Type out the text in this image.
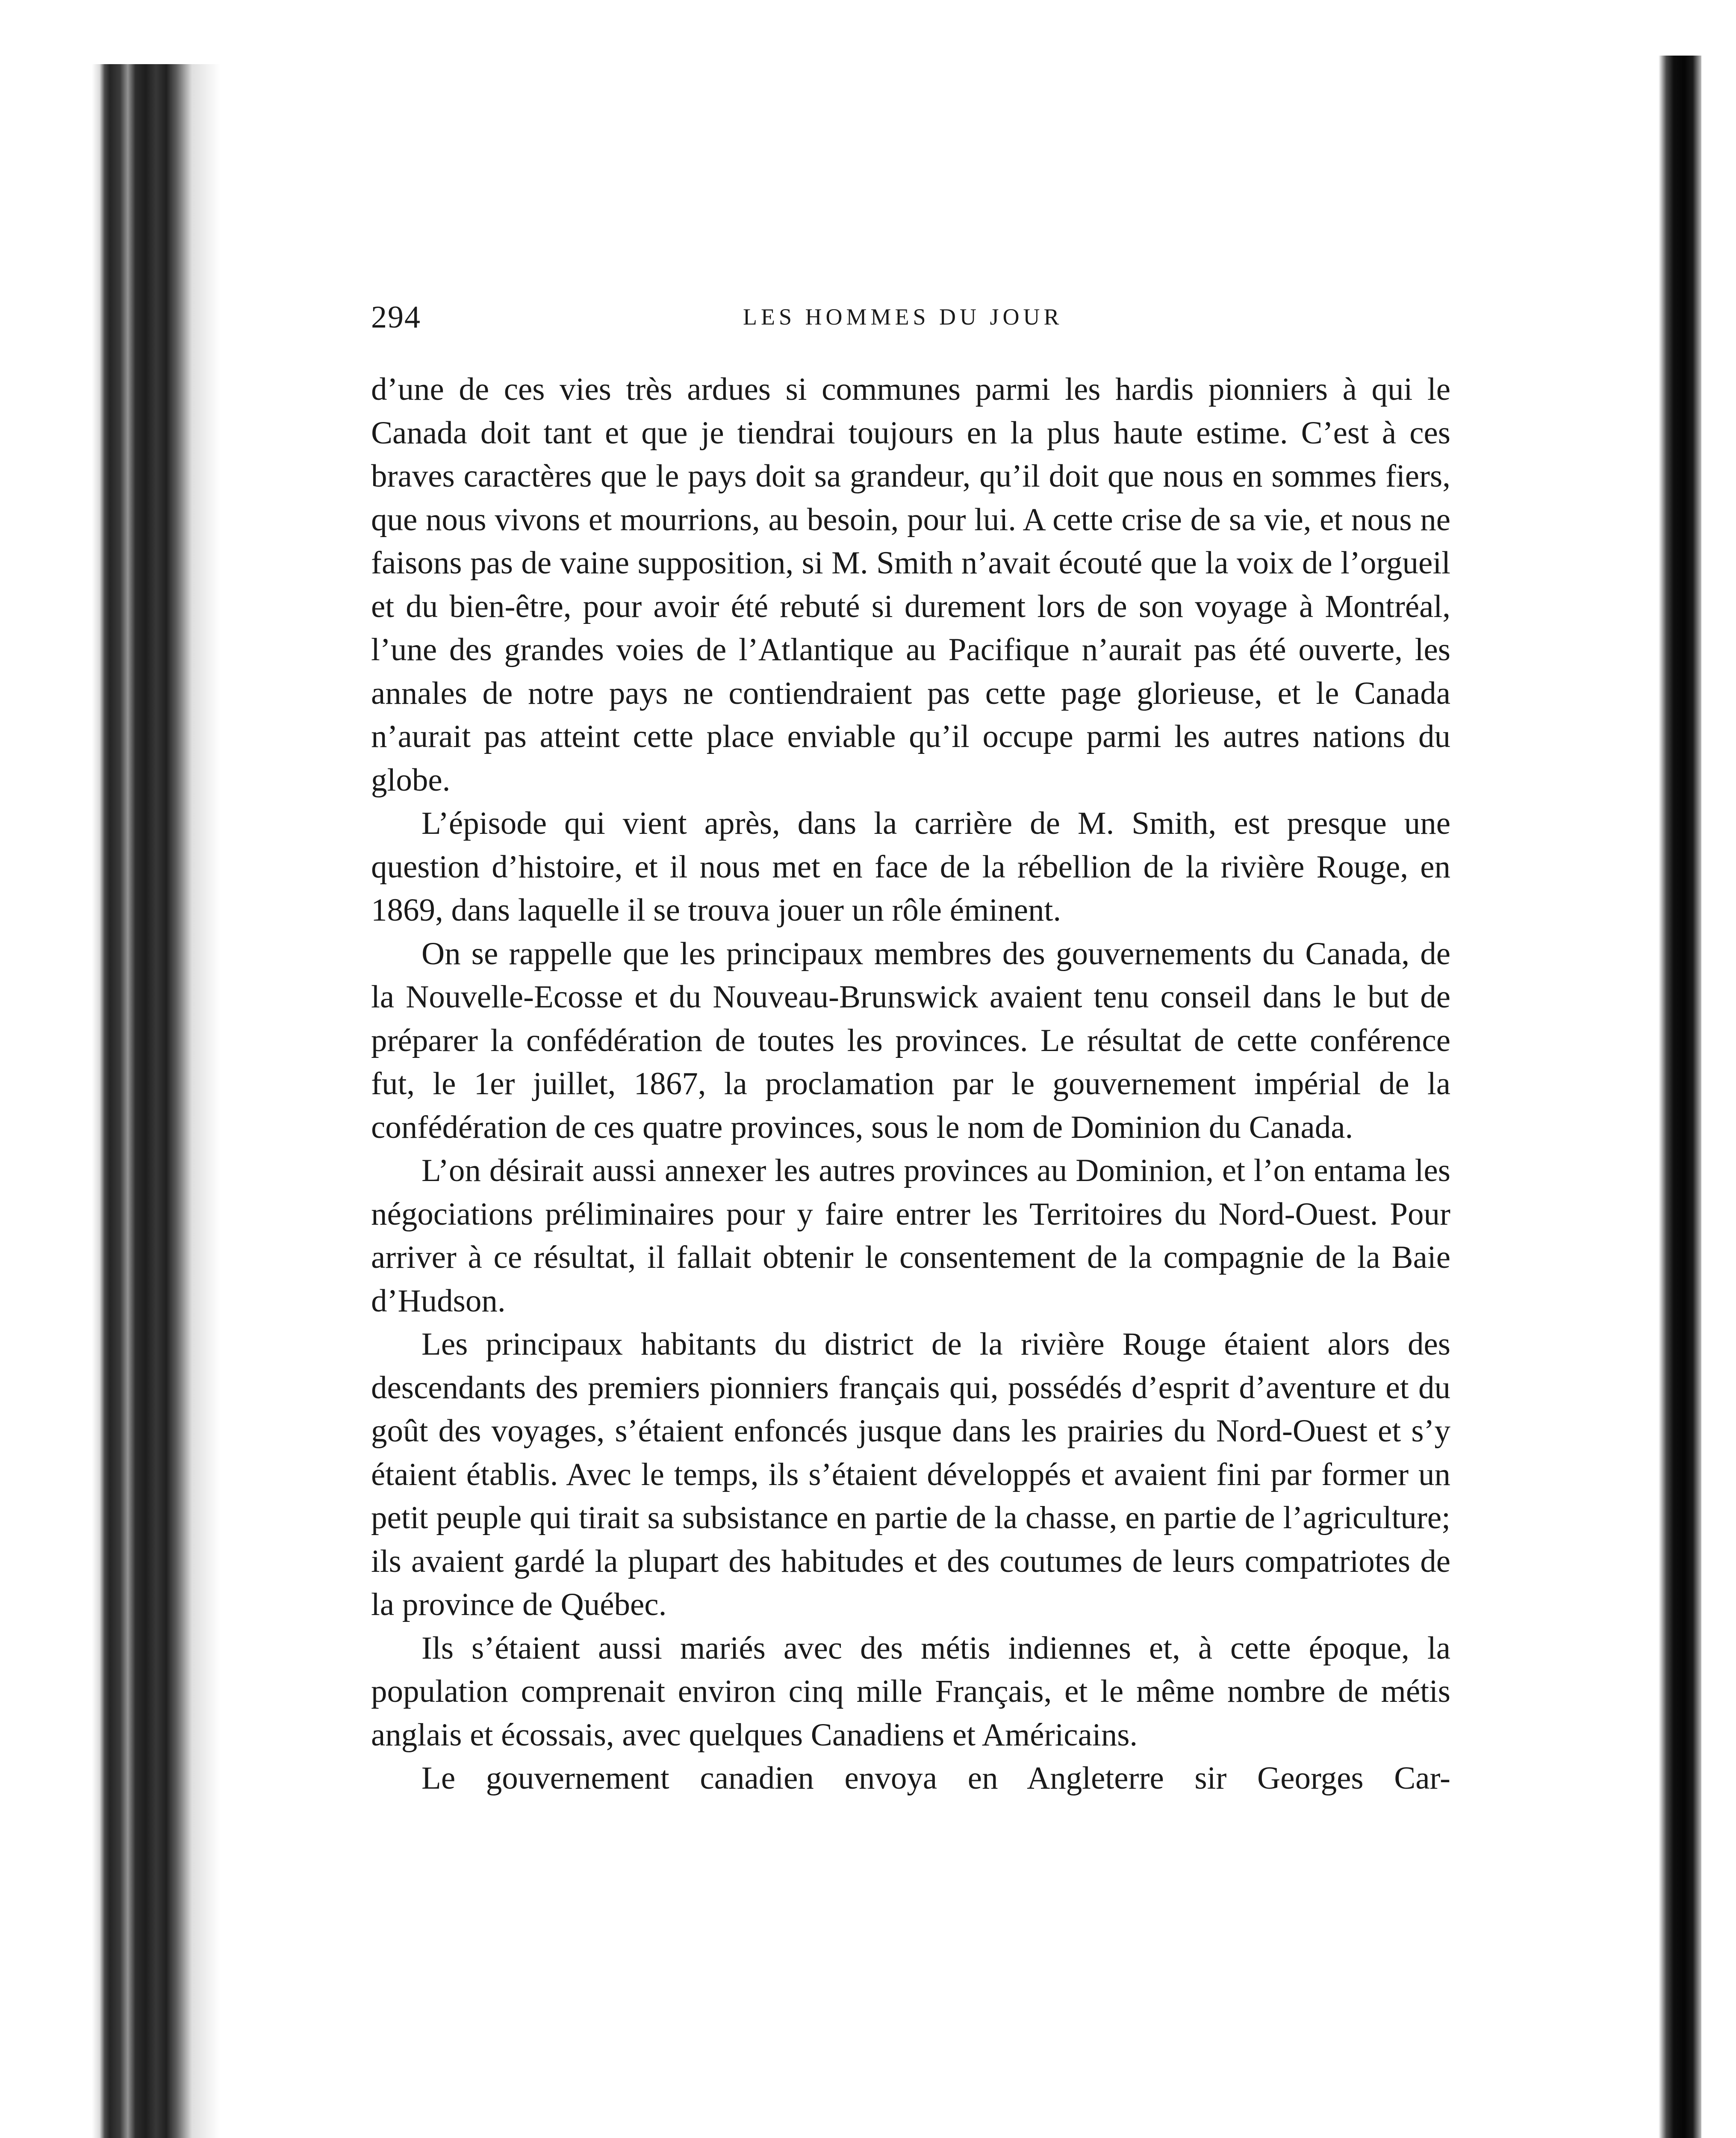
294	LES HOMMES DU JOUR

d’une de ces vies très ardues si communes parmi les hardis pionniers à qui le Canada doit tant et que je tiendrai toujours en la plus haute estime. C’est à ces braves caractères que le pays doit sa grandeur, qu’il doit que nous en sommes fiers, que nous vivons et mourrions, au besoin, pour lui. A cette crise de sa vie, et nous ne faisons pas de vaine supposition, si M. Smith n’avait écouté que la voix de l’orgueil et du bien-être, pour avoir été rebuté si durement lors de son voyage à Montréal, l’une des grandes voies de l’Atlantique au Pacifique n’aurait pas été ouverte, les annales de notre pays ne contiendraient pas cette page glorieuse, et le Canada n’aurait pas atteint cette place enviable qu’il occupe parmi les autres nations du globe.

L’épisode qui vient après, dans la carrière de M. Smith, est presque une question d’histoire, et il nous met en face de la rébellion de la rivière Rouge, en 1869, dans laquelle il se trouva jouer un rôle éminent.

On se rappelle que les principaux membres des gouvernements du Canada, de la Nouvelle-Ecosse et du Nouveau-Brunswick avaient tenu conseil dans le but de préparer la confédération de toutes les provinces. Le résultat de cette conférence fut, le 1er juillet, 1867, la proclamation par le gouvernement impérial de la confédération de ces quatre provinces, sous le nom de Dominion du Canada.

L’on désirait aussi annexer les autres provinces au Dominion, et l’on entama les négociations préliminaires pour y faire entrer les Territoires du Nord-Ouest. Pour arriver à ce résultat, il fallait obtenir le consentement de la compagnie de la Baie d’Hudson.

Les principaux habitants du district de la rivière Rouge étaient alors des descendants des premiers pionniers français qui, possédés d’esprit d’aventure et du goût des voyages, s’étaient enfoncés jusque dans les prairies du Nord-Ouest et s’y étaient établis. Avec le temps, ils s’étaient développés et avaient fini par former un petit peuple qui tirait sa subsistance en partie de la chasse, en partie de l’agriculture; ils avaient gardé la plupart des habitudes et des coutumes de leurs compatriotes de la province de Québec.

Ils s’étaient aussi mariés avec des métis indiennes et, à cette époque, la population comprenait environ cinq mille Français, et le même nombre de métis anglais et écossais, avec quelques Canadiens et Américains.

Le gouvernement canadien envoya en Angleterre sir Georges Car-
